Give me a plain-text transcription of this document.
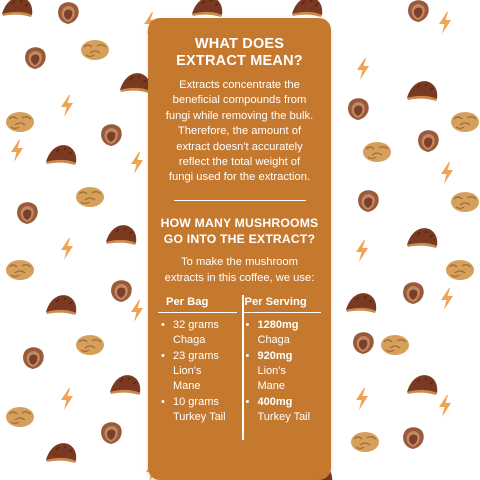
WHAT DOES
EXTRACT MEAN?
Extracts concentrate the
beneficial compounds from
fungi while removing the bulk.
Therefore, the amount of
extract doesn't accurately
reflect the total weight of
fungi used for the extraction.
HOW MANY MUSHROOMS
GO INTO THE EXTRACT?
To make the mushroom
extracts in this coffee, we use:
Per Bag
• 32 grams
Chaga
• 23 grams
Lion's
Mane
• 10 grams
Turkey Tail
Per Serving
• 1280mg
Chaga
• 920mg
Lion's
Mane
• 400mg
Turkey Tail
